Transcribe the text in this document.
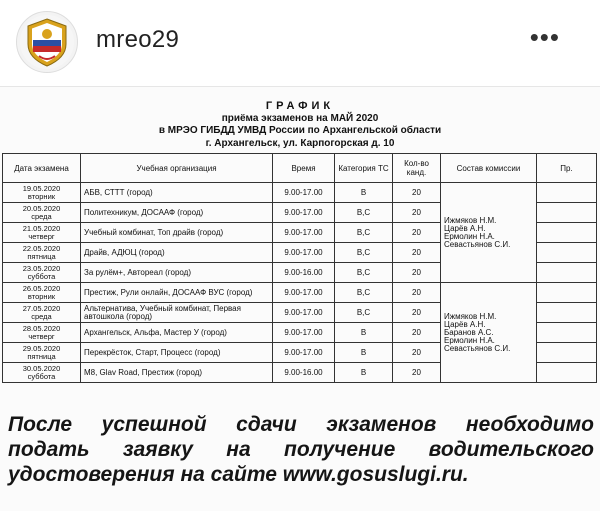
mreo29	•••
ГРАФИК
приёма экзаменов на МАЙ 2020
в МРЭО ГИБДД УМВД России по Архангельской области
г. Архангельск, ул. Карпогорская д. 10
Дата экзамена	Учебная организация	Время	Категория ТС	Кол-во канд.	Состав комиссии	Пр.
19.05.2020
вторник	АБВ, СТТТ (город)	9.00-17.00	В	20	Ижмяков Н.М.
Царёв А.Н.
Ермолин Н.А.
Севастьянов С.И.	
20.05.2020
среда	Политехникум, ДОСААФ (город)	9.00-17.00	В,С	20		
21.05.2020
четверг	Учебный комбинат, Топ драйв (город)	9.00-17.00	В,С	20		
22.05.2020
пятница	Драйв, АДЮЦ (город)	9.00-17.00	В,С	20		
23.05.2020
суббота	За рулём+, Автореал (город)	9.00-16.00	В,С	20		
26.05.2020
вторник	Престиж, Рули онлайн, ДОСААФ ВУС (город)	9.00-17.00	В,С	20	Ижмяков Н.М.
Царёв А.Н.
Баранов А.С.
Ермолин Н.А.
Севастьянов С.И.	
27.05.2020
среда	Альтернатива, Учебный комбинат, Первая автошкола (город)	9.00-17.00	В,С	20		
28.05.2020
четверг	Архангельск, Альфа, Мастер У (город)	9.00-17.00	В	20		
29.05.2020
пятница	Перекрёсток, Старт, Процесс (город)	9.00-17.00	В	20		
30.05.2020
суббота	М8, Glav Road, Престиж (город)	9.00-16.00	В	20		
После успешной сдачи экзаменов необходимо
подать заявку на получение водительского
удостоверения на сайте www.gosuslugi.ru.
